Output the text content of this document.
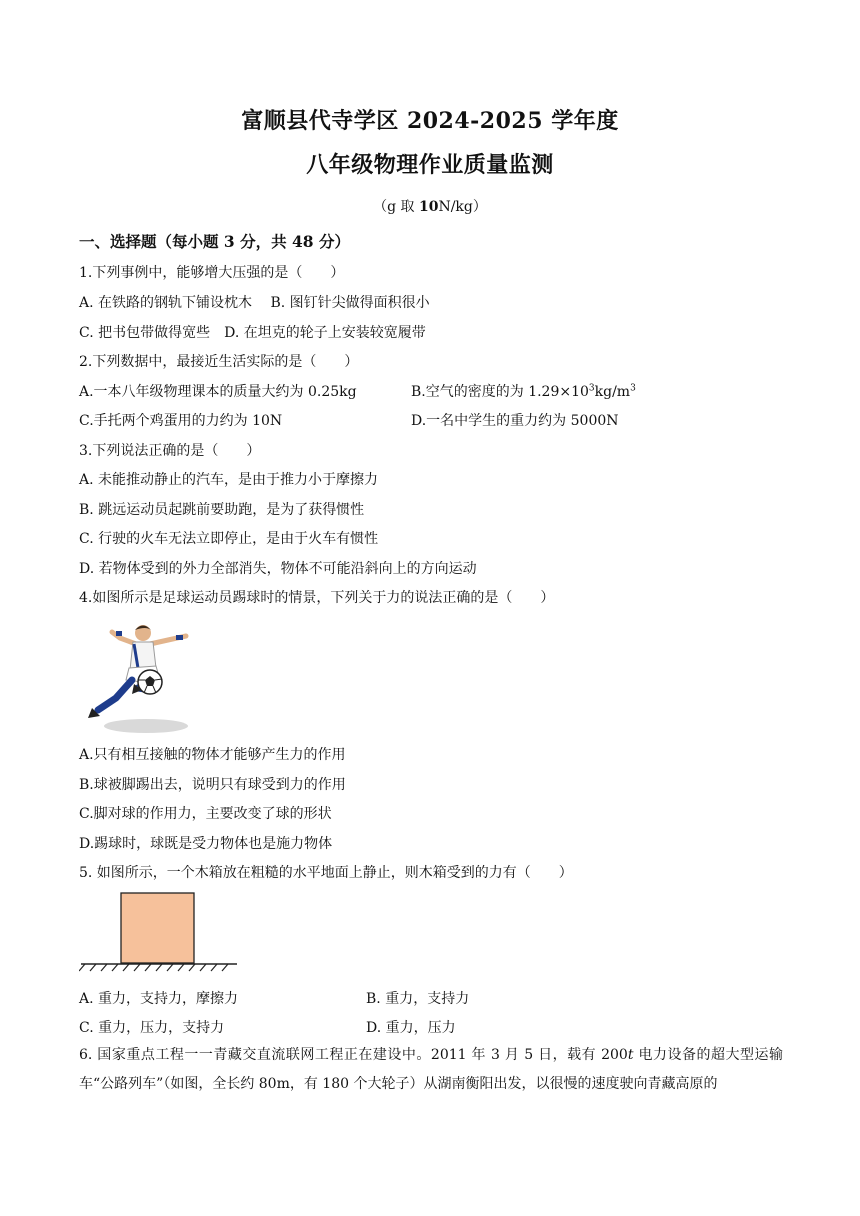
富顺县代寺学区 2024-2025 学年度
八年级物理作业质量监测
（g 取 10N/kg）
一、选择题（每小题 3 分，共 48 分）
1.下列事例中，能够增大压强的是（　　）
A. 在铁路的钢轨下铺设枕木　 B. 图钉针尖做得面积很小
C. 把书包带做得宽些　D. 在坦克的轮子上安装较宽履带
2.下列数据中，最接近生活实际的是（　　）
A.一本八年级物理课本的质量大约为 0.25kg	B.空气的密度的为 $1.29\times 10^3kg/m^3$
C.手托两个鸡蛋用的力约为 10N	D.一名中学生的重力约为 5000N
3.下列说法正确的是（　　）
A. 未能推动静止的汽车，是由于推力小于摩擦力
B. 跳远运动员起跳前要助跑，是为了获得惯性
C. 行驶的火车无法立即停止，是由于火车有惯性
D. 若物体受到的外力全部消失，物体不可能沿斜向上的方向运动
4.如图所示是足球运动员踢球时的情景，下列关于力的说法正确的是（　　）
A.只有相互接触的物体才能够产生力的作用
B.球被脚踢出去，说明只有球受到力的作用
C.脚对球的作用力，主要改变了球的形状
D.踢球时，球既是受力物体也是施力物体
5. 如图所示，一个木箱放在粗糙的水平地面上静止，则木箱受到的力有（　　）
A. 重力，支持力，摩擦力	B. 重力，支持力
C. 重力，压力，支持力	D. 重力，压力
6. 国家重点工程一一青藏交直流联网工程正在建设中。2011 年 3 月 5 日，载有 200t 电力设备的超大型运输车“公路列车”（如图，全长约 80m，有 180 个大轮子）从湖南衡阳出发，以很慢的速度驶向青藏高原的
